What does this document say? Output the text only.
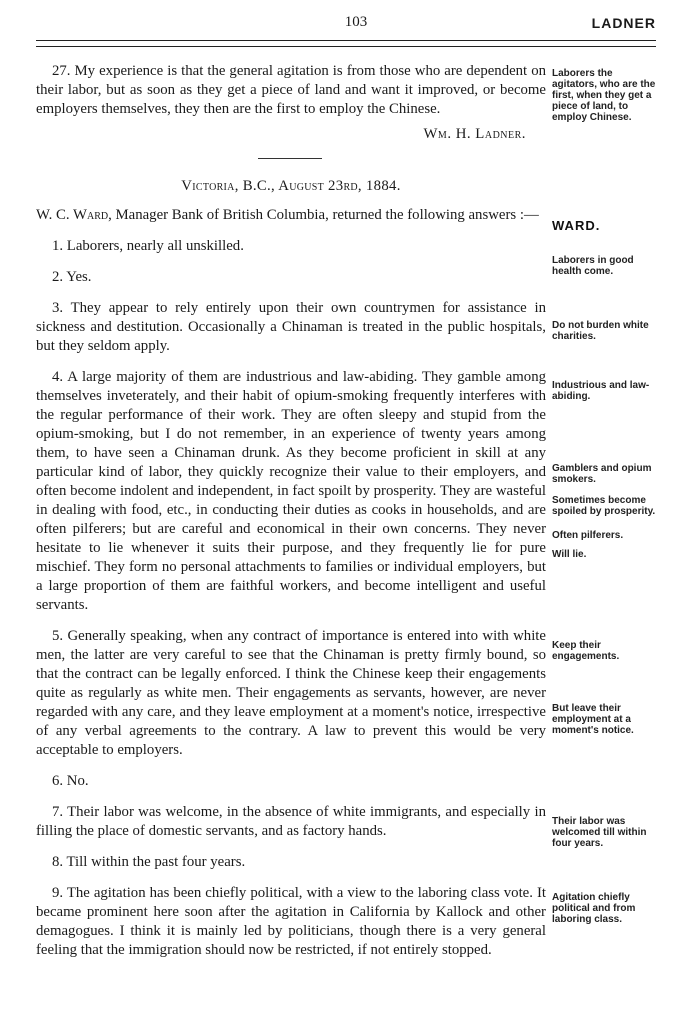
103	LADNER

27. My experience is that the general agitation is from those who are dependent on their labor, but as soon as they get a piece of land and want it improved, or become employers themselves, they then are the first to employ the Chinese.

Wm. H. Ladner.

Victoria, B.C., August 23rd, 1884.

W. C. Ward, Manager Bank of British Columbia, returned the following answers :—

1. Laborers, nearly all unskilled.

2. Yes.

3. They appear to rely entirely upon their own countrymen for assistance in sickness and destitution. Occasionally a Chinaman is treated in the public hospitals, but they seldom apply.

4. A large majority of them are industrious and law-abiding. They gamble among themselves inveterately, and their habit of opium-smoking frequently interferes with the regular performance of their work. They are often sleepy and stupid from the opium-smoking, but I do not remember, in an experience of twenty years among them, to have seen a Chinaman drunk. As they become proficient in skill at any particular kind of labor, they quickly recognize their value to their employers, and often become indolent and independent, in fact spoilt by prosperity. They are wasteful in dealing with food, etc., in conducting their duties as cooks in households, and are often pilferers; but are careful and economical in their own concerns. They never hesitate to lie whenever it suits their purpose, and they frequently lie for pure mischief. They form no personal attachments to families or individual employers, but a large proportion of them are faithful workers, and become intelligent and useful servants.

5. Generally speaking, when any contract of importance is entered into with white men, the latter are very careful to see that the Chinaman is pretty firmly bound, so that the contract can be legally enforced. I think the Chinese keep their engagements quite as regularly as white men. Their engagements as servants, however, are never regarded with any care, and they leave employment at a moment's notice, irrespective of any verbal agreements to the contrary. A law to prevent this would be very acceptable to employers.

6. No.

7. Their labor was welcome, in the absence of white immigrants, and especially in filling the place of domestic servants, and as factory hands.

8. Till within the past four years.

9. The agitation has been chiefly political, with a view to the laboring class vote. It became prominent here soon after the agitation in California by Kallock and other demagogues. I think it is mainly led by politicians, though there is a very general feeling that the immigration should now be restricted, if not entirely stopped.

Laborers the agitators, who are the first, when they get a piece of land, to employ Chinese.
WARD.
Laborers in good health come.
Do not burden white charities.
Industrious and law-abiding.
Gamblers and opium smokers.
Sometimes become spoiled by prosperity.
Often pilferers.
Will lie.
Keep their engagements.
But leave their employment at a moment's notice.
Their labor was welcomed till within four years.
Agitation chiefly political and from laboring class.
